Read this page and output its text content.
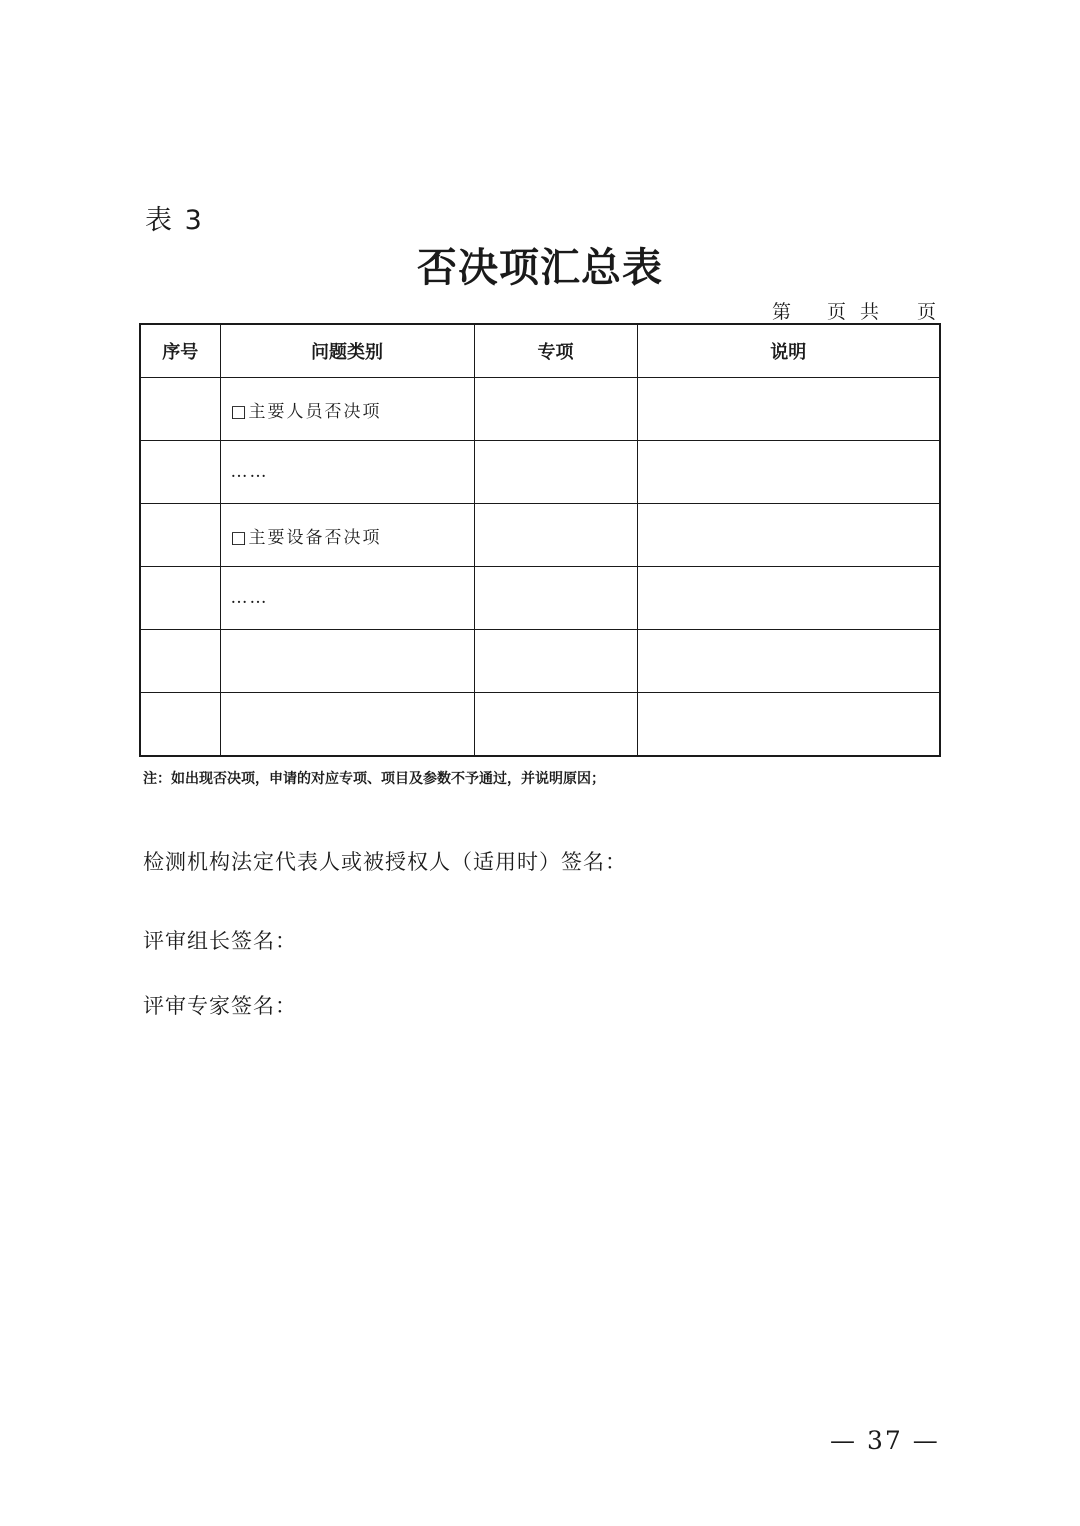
表 3
否决项汇总表
第 页 共 页
序号	问题类别	专项	说明
	□主要人员否决项		
	……		
	□主要设备否决项		
	……		

注：如出现否决项，申请的对应专项、项目及参数不予通过，并说明原因；
检测机构法定代表人或被授权人（适用时）签名：
评审组长签名：
评审专家签名：
— 37 —
